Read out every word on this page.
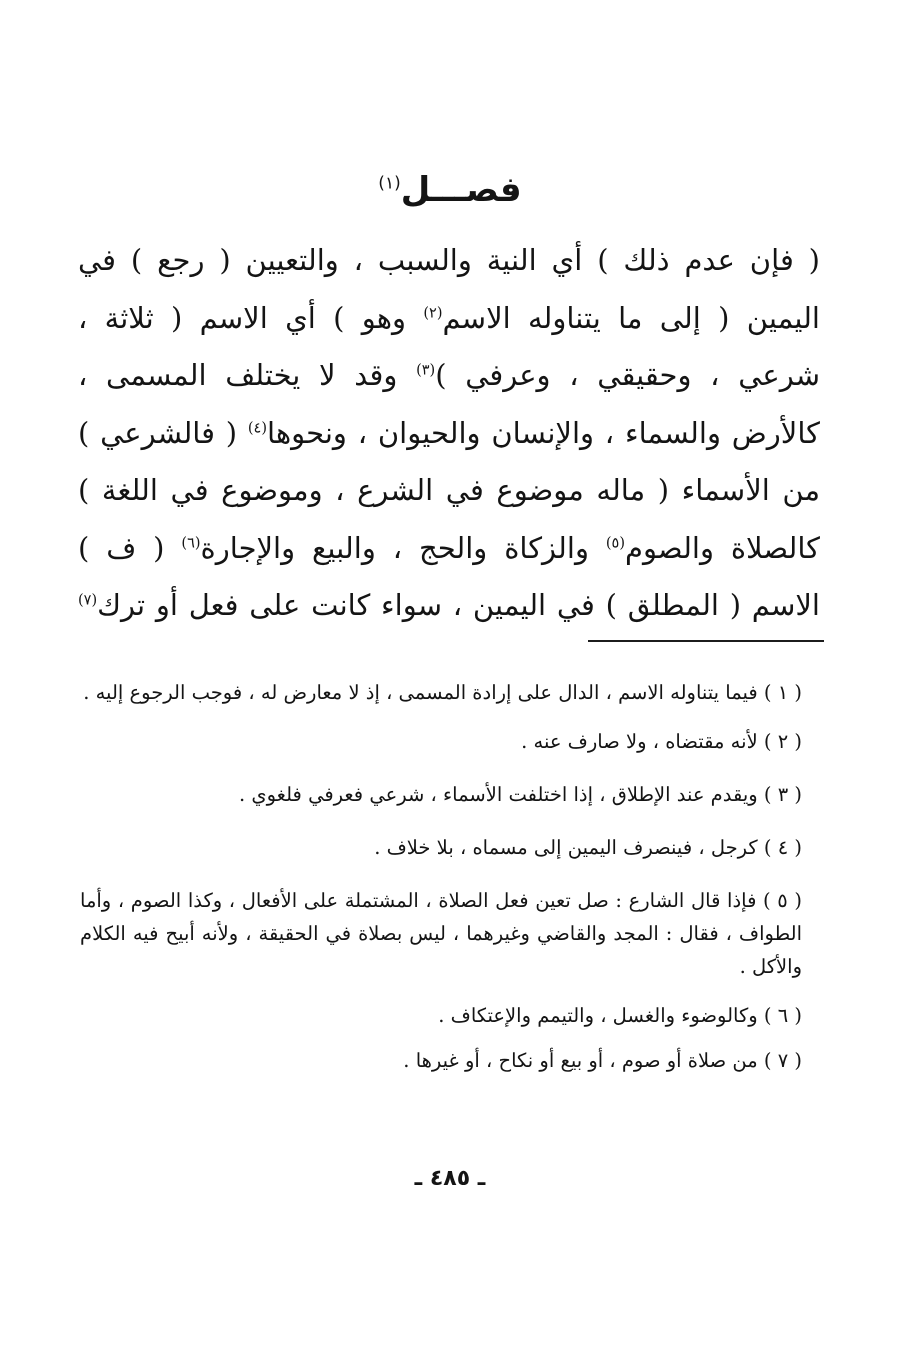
فصـــل$^{(١)}$

( فإن عدم ذلك ) أي النية والسبب ، والتعيين ( رجع ) في

اليمين ( إلى ما يتناوله الاسم$^{(٢)}$ وهو ) أي الاسم ( ثلاثة ،

شرعي ، وحقيقي ، وعرفي )$^{(٣)}$ وقد لا يختلف المسمى ،

كالأرض والسماء ، والإنسان والحيوان ، ونحوها$^{(٤)}$ ( فالشرعي )

من الأسماء ( ماله موضوع في الشرع ، وموضوع في اللغة )

كالصلاة والصوم$^{(٥)}$ والزكاة والحج ، والبيع والإجارة$^{(٦)}$ ( ف )

الاسم ( المطلق ) في اليمين ، سواء كانت على فعل أو ترك$^{(٧)}$

( ١ ) فيما يتناوله الاسم ، الدال على إرادة المسمى ، إذ لا معارض له ، فوجب الرجوع إليه .

( ٢ ) لأنه مقتضاه ، ولا صارف عنه .

( ٣ ) ويقدم عند الإطلاق ، إذا اختلفت الأسماء ، شرعي فعرفي فلغوي .

( ٤ ) كرجل ، فينصرف اليمين إلى مسماه ، بلا خلاف .

( ٥ ) فإذا قال الشارع : صل تعين فعل الصلاة ، المشتملة على الأفعال ، وكذا الصوم ، وأما الطواف ، فقال : المجد والقاضي وغيرهما ، ليس بصلاة في الحقيقة ، ولأنه أبيح فيه الكلام والأكل .

( ٦ ) وكالوضوء والغسل ، والتيمم والإعتكاف .

( ٧ ) من صلاة أو صوم ، أو بيع أو نكاح ، أو غيرها .

ـ ٤٨٥ ـ
